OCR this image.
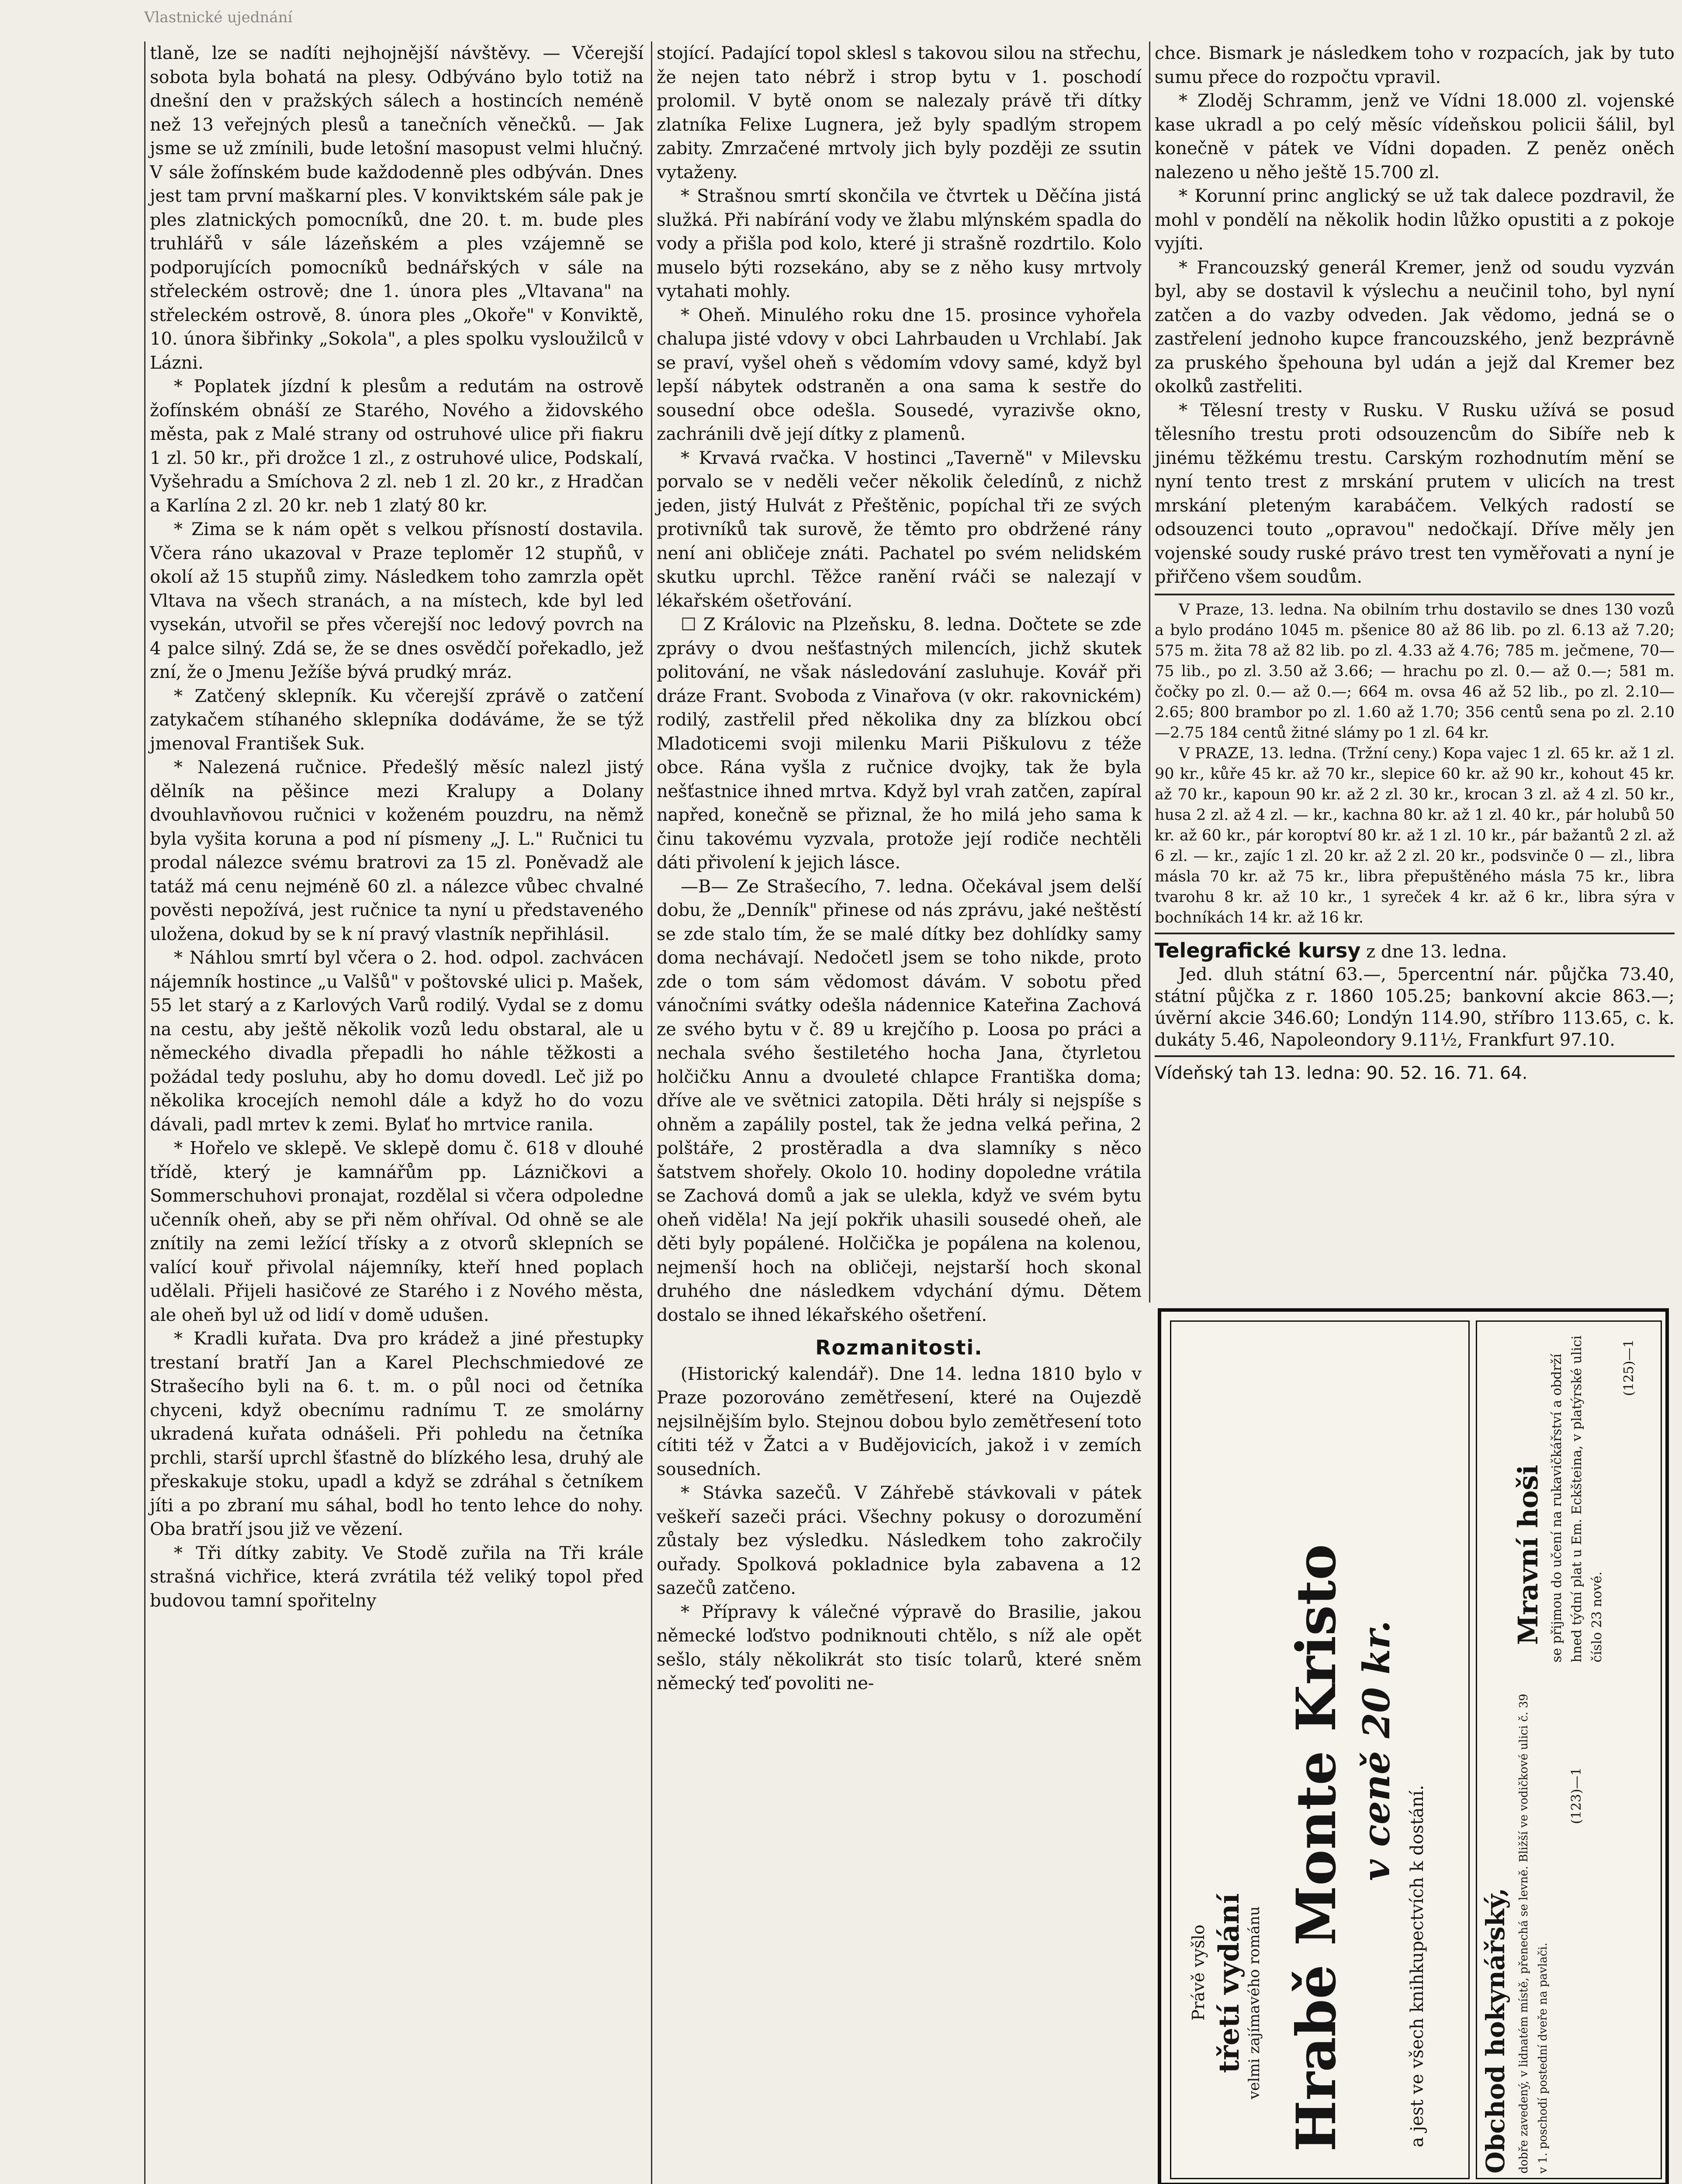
Vlastnické ujednání

tlaně, lze se nadíti nejhojnější návštěvy. — Včerejší sobota byla bohatá na plesy. Odbýváno bylo totiž na dnešní den v pražských sálech a hostincích neméně než 13 veřejných plesů a tanečních věnečků. — Jak jsme se už zmínili, bude letošní masopust velmi hlučný. V sále žofínském bude každodenně ples odbýván. Dnes jest tam první maškarní ples. V konviktském sále pak je ples zlatnických pomocníků, dne 20. t. m. bude ples truhlářů v sále lázeňském a ples vzájemně se podporujících pomocníků bednářských v sále na střeleckém ostrově; dne 1. února ples „Vltavana" na střeleckém ostrově, 8. února ples „Okoře" v Konviktě, 10. února šibřinky „Sokola", a ples spolku vysloužilců v Lázni.

* Poplatek jízdní k plesům a redutám na ostrově žofínském obnáší ze Starého, Nového a židovského města, pak z Malé strany od ostruhové ulice při fiakru 1 zl. 50 kr., při drožce 1 zl., z ostruhové ulice, Podskalí, Vyšehradu a Smíchova 2 zl. neb 1 zl. 20 kr., z Hradčan a Karlína 2 zl. 20 kr. neb 1 zlatý 80 kr.

* Zima se k nám opět s velkou přísností dostavila. Včera ráno ukazoval v Praze teploměr 12 stupňů, v okolí až 15 stupňů zimy. Následkem toho zamrzla opět Vltava na všech stranách, a na místech, kde byl led vysekán, utvořil se přes včerejší noc ledový povrch na 4 palce silný. Zdá se, že se dnes osvědčí pořekadlo, jež zní, že o Jmenu Ježíše bývá prudký mráz.

* Zatčený sklepník. Ku včerejší zprávě o zatčení zatykačem stíhaného sklepníka dodáváme, že se týž jmenoval František Suk.

* Nalezená ručnice. Předešlý měsíc nalezl jistý dělník na pěšince mezi Kralupy a Dolany dvouhlavňovou ručnici v koženém pouzdru, na němž byla vyšita koruna a pod ní písmeny „J. L." Ručnici tu prodal nálezce svému bratrovi za 15 zl. Poněvadž ale tatáž má cenu nejméně 60 zl. a nálezce vůbec chvalné pověsti nepožívá, jest ručnice ta nyní u představeného uložena, dokud by se k ní pravý vlastník nepřihlásil.

* Náhlou smrtí byl včera o 2. hod. odpol. zachvácen nájemník hostince „u Valšů" v poštovské ulici p. Mašek, 55 let starý a z Karlových Varů rodilý. Vydal se z domu na cestu, aby ještě několik vozů ledu obstaral, ale u německého divadla přepadli ho náhle těžkosti a požádal tedy posluhu, aby ho domu dovedl. Leč již po několika krocejích nemohl dále a když ho do vozu dávali, padl mrtev k zemi. Bylať ho mrtvice ranila.

* Hořelo ve sklepě. Ve sklepě domu č. 618 v dlouhé třídě, který je kamnářům pp. Lázničkovi a Sommerschuhovi pronajat, rozdělal si včera odpoledne učenník oheň, aby se při něm ohříval. Od ohně se ale znítily na zemi ležící třísky a z otvorů sklepních se valící kouř přivolal nájemníky, kteří hned poplach udělali. Přijeli hasičové ze Starého i z Nového města, ale oheň byl už od lidí v domě udušen.

* Kradli kuřata. Dva pro krádež a jiné přestupky trestaní bratří Jan a Karel Plechschmiedové ze Strašecího byli na 6. t. m. o půl noci od četníka chyceni, když obecnímu radnímu T. ze smolárny ukradená kuřata odnášeli. Při pohledu na četníka prchli, starší uprchl šťastně do blízkého lesa, druhý ale přeskakuje stoku, upadl a když se zdráhal s četníkem jíti a po zbraní mu sáhal, bodl ho tento lehce do nohy. Oba bratří jsou již ve vězení.

* Tři dítky zabity. Ve Stodě zuřila na Tři krále strašná vichřice, která zvrátila též veliký topol před budovou tamní spořitelny

stojící. Padající topol sklesl s takovou silou na střechu, že nejen tato nébrž i strop bytu v 1. poschodí prolomil. V bytě onom se nalezaly právě tři dítky zlatníka Felixe Lugnera, jež byly spadlým stropem zabity. Zmrzačené mrtvoly jich byly později ze ssutin vytaženy.

* Strašnou smrtí skončila ve čtvrtek u Děčína jistá služká. Při nabírání vody ve žlabu mlýnském spadla do vody a přišla pod kolo, které ji strašně rozdrtilo. Kolo muselo býti rozsekáno, aby se z něho kusy mrtvoly vytahati mohly.

* Oheň. Minulého roku dne 15. prosince vyhořela chalupa jisté vdovy v obci Lahrbauden u Vrchlabí. Jak se praví, vyšel oheň s vědomím vdovy samé, když byl lepší nábytek odstraněn a ona sama k sestře do sousední obce odešla. Sousedé, vyrazivše okno, zachránili dvě její dítky z plamenů.

* Krvavá rvačka. V hostinci „Taverně" v Milevsku porvalo se v neděli večer několik čeledínů, z nichž jeden, jistý Hulvát z Přeštěnic, popíchal tři ze svých protivníků tak surově, že těmto pro obdržené rány není ani obličeje znáti. Pachatel po svém nelidském skutku uprchl. Těžce ranění rváči se nalezají v lékařském ošetřování.

☐ Z Královic na Plzeňsku, 8. ledna. Dočtete se zde zprávy o dvou nešťastných milencích, jichž skutek politování, ne však následování zasluhuje. Kovář při dráze Frant. Svoboda z Vinařova (v okr. rakovnickém) rodilý, zastřelil před několika dny za blízkou obcí Mladoticemi svoji milenku Marii Piškulovu z téže obce. Rána vyšla z ručnice dvojky, tak že byla nešťastnice ihned mrtva. Když byl vrah zatčen, zapíral napřed, konečně se přiznal, že ho milá jeho sama k činu takovému vyzvala, protože její rodiče nechtěli dáti přivolení k jejich lásce.

—B— Ze Strašecího, 7. ledna. Očekával jsem delší dobu, že „Denník" přinese od nás zprávu, jaké neštěstí se zde stalo tím, že se malé dítky bez dohlídky samy doma nechávají. Nedočetl jsem se toho nikde, proto zde o tom sám vědomost dávám. V sobotu před vánočními svátky odešla nádennice Kateřina Zachová ze svého bytu v č. 89 u krejčího p. Loosa po práci a nechala svého šestiletého hocha Jana, čtyrletou holčičku Annu a dvouleté chlapce Františka doma; dříve ale ve světnici zatopila. Děti hrály si nejspíše s ohněm a zapálily postel, tak že jedna velká peřina, 2 polštáře, 2 prostěradla a dva slamníky s něco šatstvem shořely. Okolo 10. hodiny dopoledne vrátila se Zachová domů a jak se ulekla, když ve svém bytu oheň viděla! Na její pokřik uhasili sousedé oheň, ale děti byly popálené. Holčička je popálena na kolenou, nejmenší hoch na obličeji, nejstarší hoch skonal druhého dne následkem vdychání dýmu. Dětem dostalo se ihned lékařského ošetření.

Rozmanitosti.

(Historický kalendář). Dne 14. ledna 1810 bylo v Praze pozorováno zemětřesení, které na Oujezdě nejsilnějším bylo. Stejnou dobou bylo zemětřesení toto cítiti též v Žatci a v Budějovicích, jakož i v zemích sousedních.

* Stávka sazečů. V Záhřebě stávkovali v pátek veškeří sazeči práci. Všechny pokusy o dorozumění zůstaly bez výsledku. Následkem toho zakročily ouřady. Spolková pokladnice byla zabavena a 12 sazečů zatčeno.

* Přípravy k válečné výpravě do Brasilie, jakou německé loďstvo podniknouti chtělo, s níž ale opět sešlo, stály několikrát sto tisíc tolarů, které sněm německý teď povoliti ne-

chce. Bismark je následkem toho v rozpacích, jak by tuto sumu přece do rozpočtu vpravil.

* Zloděj Schramm, jenž ve Vídni 18.000 zl. vojenské kase ukradl a po celý měsíc vídeňskou policii šálil, byl konečně v pátek ve Vídni dopaden. Z peněz oněch nalezeno u něho ještě 15.700 zl.

* Korunní princ anglický se už tak dalece pozdravil, že mohl v pondělí na několik hodin lůžko opustiti a z pokoje vyjíti.

* Francouzský generál Kremer, jenž od soudu vyzván byl, aby se dostavil k výslechu a neučinil toho, byl nyní zatčen a do vazby odveden. Jak vědomo, jedná se o zastřelení jednoho kupce francouzského, jenž bezprávně za pruského špehouna byl udán a jejž dal Kremer bez okolků zastřeliti.

* Tělesní tresty v Rusku. V Rusku užívá se posud tělesního trestu proti odsouzencům do Sibíře neb k jinému těžkému trestu. Carským rozhodnutím mění se nyní tento trest z mrskání prutem v ulicích na trest mrskání pleteným karabáčem. Velkých radostí se odsouzenci touto „opravou" nedočkají. Dříve měly jen vojenské soudy ruské právo trest ten vyměřovati a nyní je přiřčeno všem soudům.

V Praze, 13. ledna. Na obilním trhu dostavilo se dnes 130 vozů a bylo prodáno 1045 m. pšenice 80 až 86 lib. po zl. 6.13 až 7.20; 575 m. žita 78 až 82 lib. po zl. 4.33 až 4.76; 785 m. ječmene, 70—75 lib., po zl. 3.50 až 3.66; — hrachu po zl. 0.— až 0.—; 581 m. čočky po zl. 0.— až 0.—; 664 m. ovsa 46 až 52 lib., po zl. 2.10—2.65; 800 brambor po zl. 1.60 až 1.70; 356 centů sena po zl. 2.10—2.75 184 centů žitné slámy po 1 zl. 64 kr.

V PRAZE, 13. ledna. (Tržní ceny.) Kopa vajec 1 zl. 65 kr. až 1 zl. 90 kr., kůře 45 kr. až 70 kr., slepice 60 kr. až 90 kr., kohout 45 kr. až 70 kr., kapoun 90 kr. až 2 zl. 30 kr., krocan 3 zl. až 4 zl. 50 kr., husa 2 zl. až 4 zl. — kr., kachna 80 kr. až 1 zl. 40 kr., pár holubů 50 kr. až 60 kr., pár koroptví 80 kr. až 1 zl. 10 kr., pár bažantů 2 zl. až 6 zl. — kr., zajíc 1 zl. 20 kr. až 2 zl. 20 kr., podsvinče 0 — zl., libra másla 70 kr. až 75 kr., libra přepuštěného másla 75 kr., libra tvarohu 8 kr. až 10 kr., 1 syreček 4 kr. až 6 kr., libra sýra v bochníkách 14 kr. až 16 kr.

Telegrafické kursy z dne 13. ledna.

Jed. dluh státní 63.—, 5percentní nár. půjčka 73.40, státní půjčka z r. 1860 105.25; bankovní akcie 863.—; úvěrní akcie 346.60; Londýn 114.90, stříbro 113.65, c. k. dukáty 5.46, Napoleondory 9.11½, Frankfurt 97.10.

Vídeňský tah 13. ledna: 90. 52. 16. 71. 64.
Právě vyšlo třetí vydání velmi zajímavého románu Hrabě Monte Kristo v ceně 20 kr.
a jest ve všech knihkupectvích k dostání. Obchod hokynářský, dobře zavedený, v lidnatém místě, přenechá se levně. Bližší ve vodičkové ulici č. 39 v 1. poschodí postední dveře na pavlači.
(123)—1
Mravní hoši se přijmou do učení na rukavičkářství a obdrží hned týdní plat u Em. Eckšteina, v platýrské ulici číslo 23 nové.
(125)—1
